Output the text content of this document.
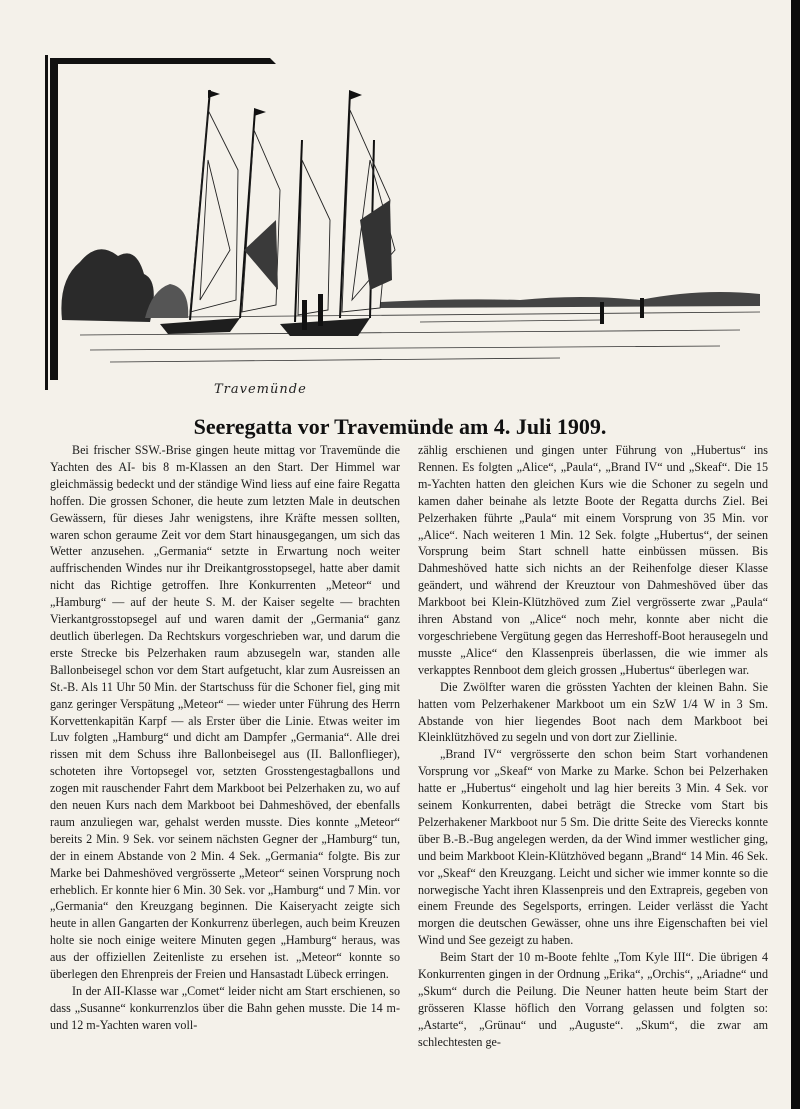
Travemünde
Seeregatta vor Travemünde am 4. Juli 1909.

Bei frischer SSW.-Brise gingen heute mittag vor Travemünde die Yachten des AI- bis 8 m-Klassen an den Start. Der Himmel war gleichmässig bedeckt und der ständige Wind liess auf eine faire Regatta hoffen. Die grossen Schoner, die heute zum letzten Male in deutschen Gewässern, für dieses Jahr wenigstens, ihre Kräfte messen sollten, waren schon geraume Zeit vor dem Start hinausgegangen, um sich das Wetter anzusehen. „Germania“ setzte in Erwartung noch weiter auffrischenden Windes nur ihr Dreikantgrosstopsegel, hatte aber damit nicht das Richtige getroffen. Ihre Konkurrenten „Meteor“ und „Hamburg“ — auf der heute S. M. der Kaiser segelte — brachten Vierkantgrosstopsegel auf und waren damit der „Germania“ ganz deutlich überlegen. Da Rechtskurs vorgeschrieben war, und darum die erste Strecke bis Pelzerhaken raum abzusegeln war, standen alle Ballonbeisegel schon vor dem Start aufgetucht, klar zum Ausreissen an St.-B. Als 11 Uhr 50 Min. der Startschuss für die Schoner fiel, ging mit ganz geringer Verspätung „Meteor“ — wieder unter Führung des Herrn Korvettenkapitän Karpf — als Erster über die Linie. Etwas weiter im Luv folgten „Hamburg“ und dicht am Dampfer „Germania“. Alle drei rissen mit dem Schuss ihre Ballonbeisegel aus (II. Ballonflieger), schoteten ihre Vortopsegel vor, setzten Grosstengestagballons und zogen mit rauschender Fahrt dem Markboot bei Pelzerhaken zu, wo auf den neuen Kurs nach dem Markboot bei Dahmeshöved, der ebenfalls raum anzuliegen war, gehalst werden musste. Dies konnte „Meteor“ bereits 2 Min. 9 Sek. vor seinem nächsten Gegner der „Hamburg“ tun, der in einem Abstande von 2 Min. 4 Sek. „Germania“ folgte. Bis zur Marke bei Dahmeshöved vergrösserte „Meteor“ seinen Vorsprung noch erheblich. Er konnte hier 6 Min. 30 Sek. vor „Hamburg“ und 7 Min. vor „Germania“ den Kreuzgang beginnen. Die Kaiseryacht zeigte sich heute in allen Gangarten der Konkurrenz überlegen, auch beim Kreuzen holte sie noch einige weitere Minuten gegen „Hamburg“ heraus, was aus der offiziellen Zeitenliste zu ersehen ist. „Meteor“ konnte so überlegen den Ehrenpreis der Freien und Hansastadt Lübeck erringen.

In der AII-Klasse war „Comet“ leider nicht am Start erschienen, so dass „Susanne“ konkurrenzlos über die Bahn gehen musste. Die 14 m- und 12 m-Yachten waren voll-

zählig erschienen und gingen unter Führung von „Hubertus“ ins Rennen. Es folgten „Alice“, „Paula“, „Brand IV“ und „Skeaf“. Die 15 m-Yachten hatten den gleichen Kurs wie die Schoner zu segeln und kamen daher beinahe als letzte Boote der Regatta durchs Ziel. Bei Pelzerhaken führte „Paula“ mit einem Vorsprung von 35 Min. vor „Alice“. Nach weiteren 1 Min. 12 Sek. folgte „Hubertus“, der seinen Vorsprung beim Start schnell hatte einbüssen müssen. Bis Dahmeshöved hatte sich nichts an der Reihenfolge dieser Klasse geändert, und während der Kreuztour von Dahmeshöved über das Markboot bei Klein-Klützhöved zum Ziel vergrösserte zwar „Paula“ ihren Abstand von „Alice“ noch mehr, konnte aber nicht die vorgeschriebene Vergütung gegen das Herreshoff-Boot herausegeln und musste „Alice“ den Klassenpreis überlassen, die wie immer als verkapptes Rennboot dem gleich grossen „Hubertus“ überlegen war.

Die Zwölfter waren die grössten Yachten der kleinen Bahn. Sie hatten vom Pelzerhakener Markboot um ein SzW 1/4 W in 3 Sm. Abstande von hier liegendes Boot nach dem Markboot bei Kleinklützhöved zu segeln und von dort zur Ziellinie.

„Brand IV“ vergrösserte den schon beim Start vorhandenen Vorsprung vor „Skeaf“ von Marke zu Marke. Schon bei Pelzerhaken hatte er „Hubertus“ eingeholt und lag hier bereits 3 Min. 4 Sek. vor seinem Konkurrenten, dabei beträgt die Strecke vom Start bis Pelzerhakener Markboot nur 5 Sm. Die dritte Seite des Vierecks konnte über B.-B.-Bug angelegen werden, da der Wind immer westlicher ging, und beim Markboot Klein-Klützhöved begann „Brand“ 14 Min. 46 Sek. vor „Skeaf“ den Kreuzgang. Leicht und sicher wie immer konnte so die norwegische Yacht ihren Klassenpreis und den Extrapreis, gegeben von einem Freunde des Segelsports, erringen. Leider verlässt die Yacht morgen die deutschen Gewässer, ohne uns ihre Eigenschaften bei viel Wind und See gezeigt zu haben.

Beim Start der 10 m-Boote fehlte „Tom Kyle III“. Die übrigen 4 Konkurrenten gingen in der Ordnung „Erika“, „Orchis“, „Ariadne“ und „Skum“ durch die Peilung. Die Neuner hatten heute beim Start der grösseren Klasse höflich den Vorrang gelassen und folgten so: „Astarte“, „Grünau“ und „Auguste“. „Skum“, die zwar am schlechtesten ge-
